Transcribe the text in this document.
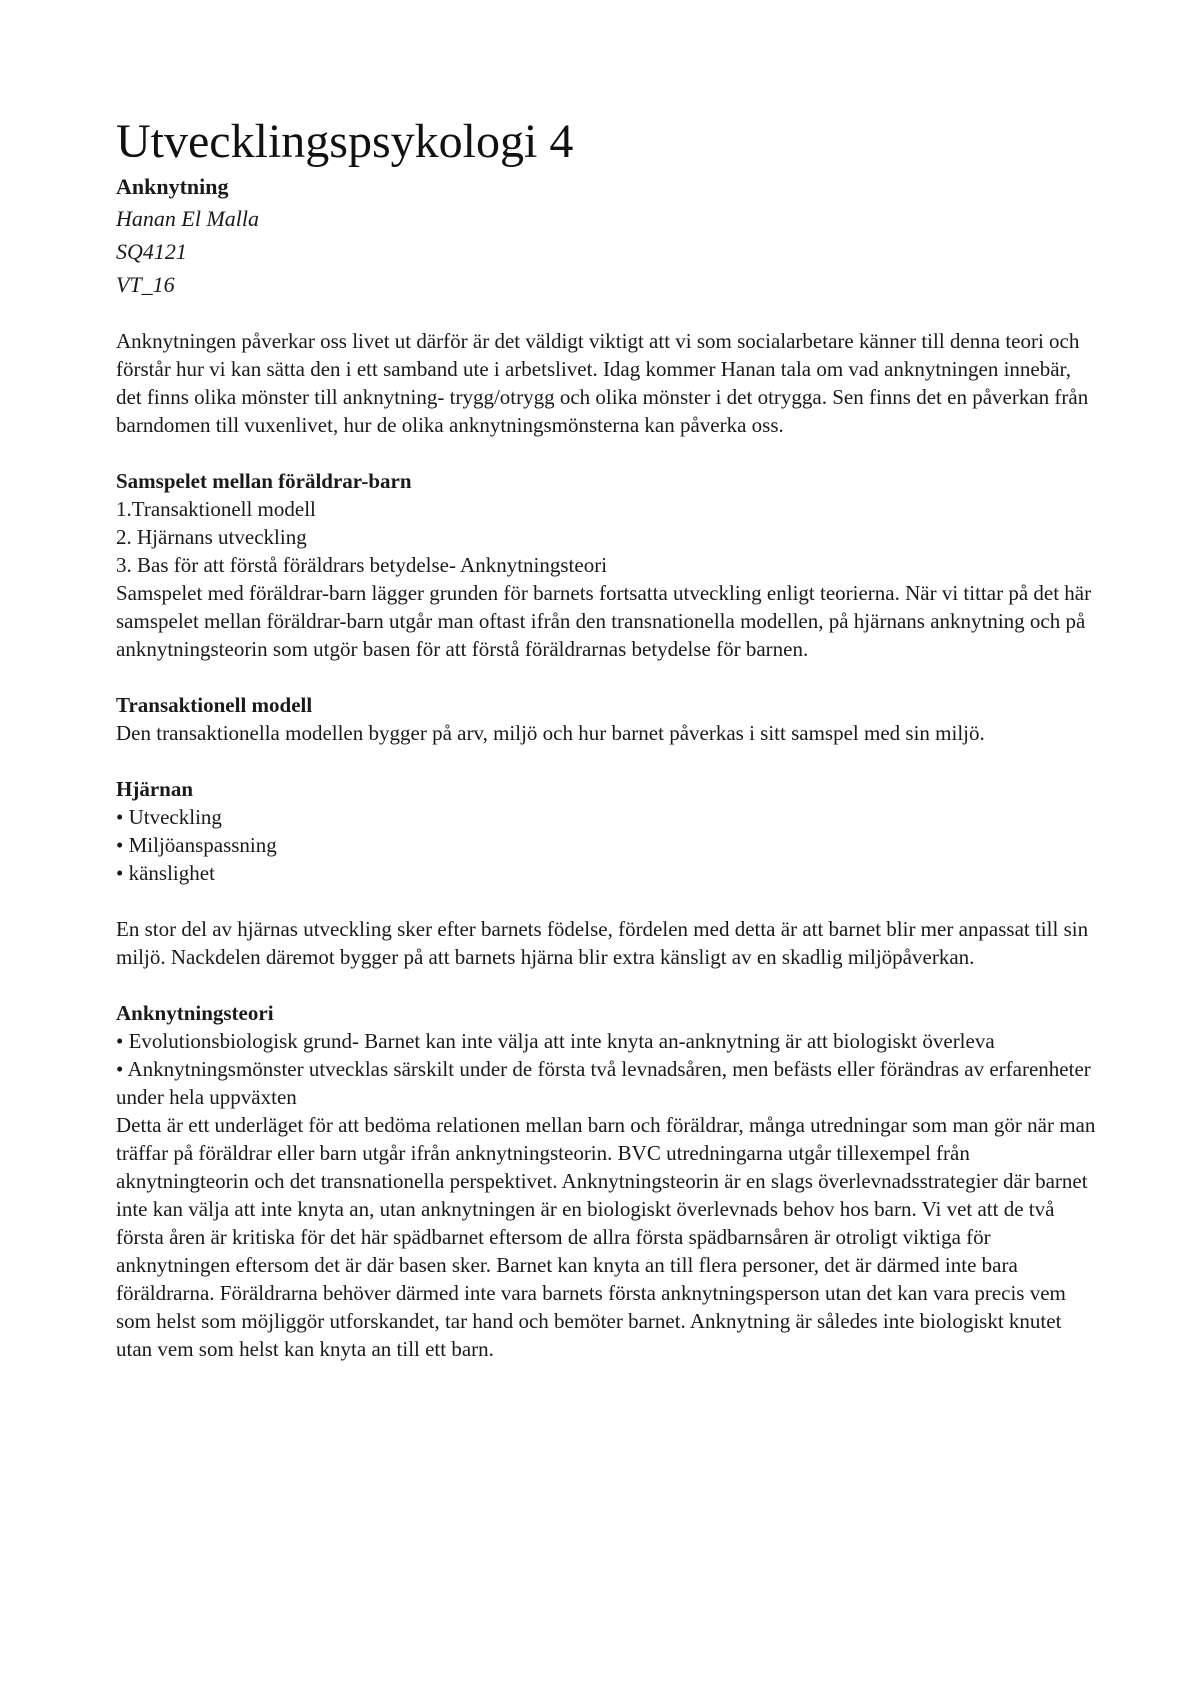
Utvecklingspsykologi 4
Anknytning
Hanan El Malla
SQ4121
VT_16

Anknytningen påverkar oss livet ut därför är det väldigt viktigt att vi som socialarbetare känner till denna teori och förstår hur vi kan sätta den i ett samband ute i arbetslivet. Idag kommer Hanan tala om vad anknytningen innebär, det finns olika mönster till anknytning- trygg/otrygg och olika mönster i det otrygga. Sen finns det en påverkan från barndomen till vuxenlivet, hur de olika anknytningsmönsterna kan påverka oss.

Samspelet mellan föräldrar-barn
1.Transaktionell modell
2. Hjärnans utveckling
3. Bas för att förstå föräldrars betydelse- Anknytningsteori

Samspelet med föräldrar-barn lägger grunden för barnets fortsatta utveckling enligt teorierna. När vi tittar på det här samspelet mellan föräldrar-barn utgår man oftast ifrån den transnationella modellen, på hjärnans anknytning och på anknytningsteorin som utgör basen för att förstå föräldrarnas betydelse för barnen.

Transaktionell modell

Den transaktionella modellen bygger på arv, miljö och hur barnet påverkas i sitt samspel med sin miljö.

Hjärnan
• Utveckling
• Miljöanspassning
• känslighet

En stor del av hjärnas utveckling sker efter barnets födelse, fördelen med detta är att barnet blir mer anpassat till sin miljö. Nackdelen däremot bygger på att barnets hjärna blir extra känsligt av en skadlig miljöpåverkan.

Anknytningsteori
• Evolutionsbiologisk grund- Barnet kan inte välja att inte knyta an-anknytning är att biologiskt överleva
• Anknytningsmönster utvecklas särskilt under de första två levnadsåren, men befästs eller förändras av erfarenheter under hela uppväxten

Detta är ett underläget för att bedöma relationen mellan barn och föräldrar, många utredningar som man gör när man träffar på föräldrar eller barn utgår ifrån anknytningsteorin. BVC utredningarna utgår tillexempel från aknytningteorin och det transnationella perspektivet. Anknytningsteorin är en slags överlevnadsstrategier där barnet inte kan välja att inte knyta an, utan anknytningen är en biologiskt överlevnads behov hos barn. Vi vet att de två första åren är kritiska för det här spädbarnet eftersom de allra första spädbarnsåren är otroligt viktiga för anknytningen eftersom det är där basen sker. Barnet kan knyta an till flera personer, det är därmed inte bara föräldrarna. Föräldrarna behöver därmed inte vara barnets första anknytningsperson utan det kan vara precis vem som helst som möjliggör utforskandet, tar hand och bemöter barnet. Anknytning är således inte biologiskt knutet utan vem som helst kan knyta an till ett barn.
